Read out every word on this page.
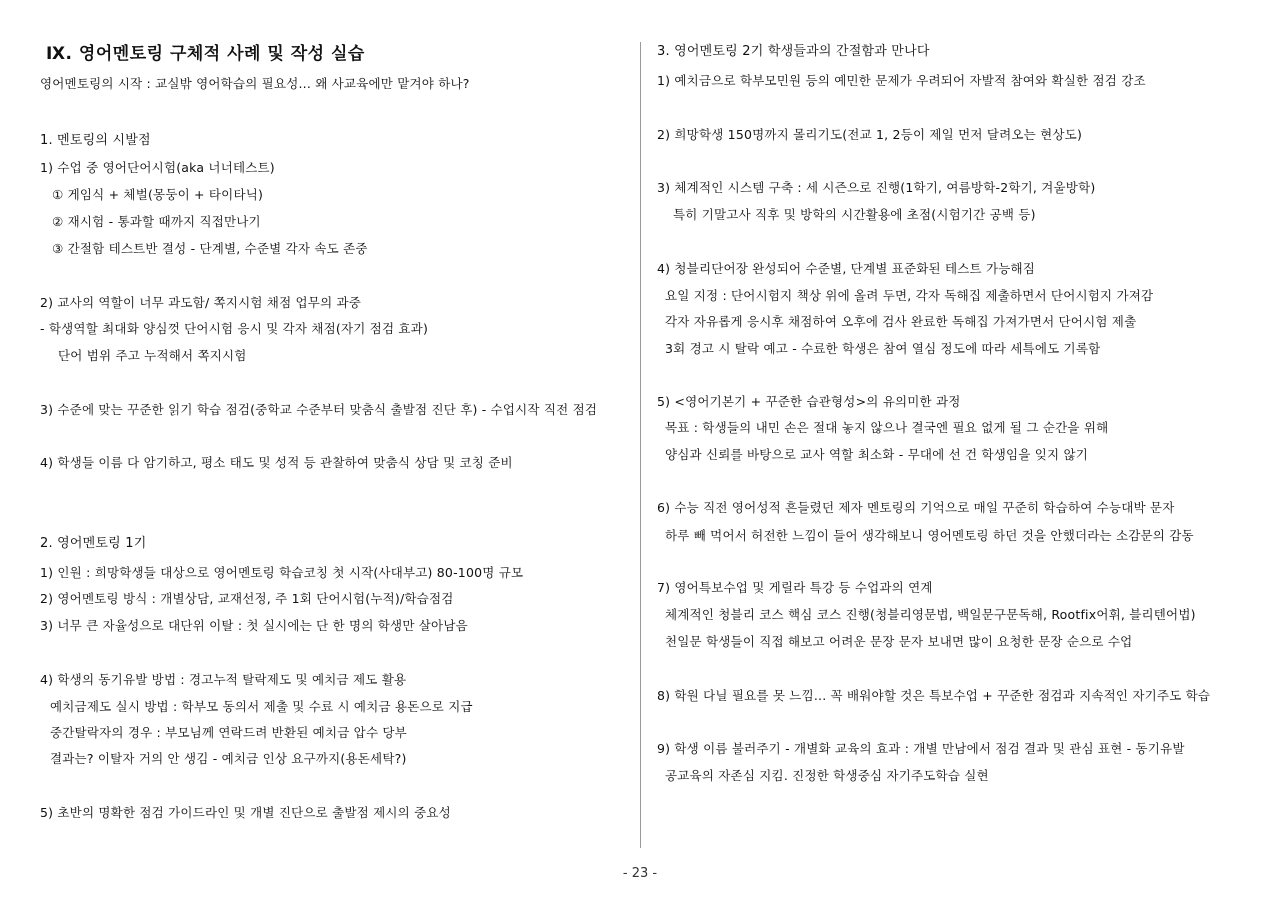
Ⅸ. 영어멘토링 구체적 사례 및 작성 실습
영어멘토링의 시작 : 교실밖 영어학습의 필요성... 왜 사교육에만 맡겨야 하나?
1. 멘토링의 시발점
1) 수업 중 영어단어시험(aka 너너테스트)
① 게임식 + 체벌(몽둥이 + 타이타닉)
② 재시험 - 통과할 때까지 직접만나기
③ 간절함 테스트반 결성 - 단계별, 수준별 각자 속도 존중
2) 교사의 역할이 너무 과도함/ 쪽지시험 채점 업무의 과중
- 학생역할 최대화 양심껏 단어시험 응시 및 각자 채점(자기 점검 효과)
단어 범위 주고 누적해서 쪽지시험
3) 수준에 맞는 꾸준한 읽기 학습 점검(중학교 수준부터 맞춤식 출발점 진단 후) - 수업시작 직전 점검
4) 학생들 이름 다 암기하고, 평소 태도 및 성적 등 관찰하여 맞춤식 상담 및 코칭 준비
2. 영어멘토링 1기
1) 인원 : 희망학생들 대상으로 영어멘토링 학습코칭 첫 시작(사대부고) 80-100명 규모
2) 영어멘토링 방식 : 개별상담, 교재선정, 주 1회 단어시험(누적)/학습점검
3) 너무 큰 자율성으로 대단위 이탈 : 첫 실시에는 단 한 명의 학생만 살아남음
4) 학생의 동기유발 방법 : 경고누적 탈락제도 및 예치금 제도 활용
예치금제도 실시 방법 : 학부모 동의서 제출 및 수료 시 예치금 용돈으로 지급
중간탈락자의 경우 : 부모님께 연락드려 반환된 예치금 압수 당부
결과는? 이탈자 거의 안 생김 - 예치금 인상 요구까지(용돈세탁?)
5) 초반의 명확한 점검 가이드라인 및 개별 진단으로 출발점 제시의 중요성
3. 영어멘토링 2기 학생들과의 간절함과 만나다
1) 예치금으로 학부모민원 등의 예민한 문제가 우려되어 자발적 참여와 확실한 점검 강조
2) 희망학생 150명까지 몰리기도(전교 1, 2등이 제일 먼저 달려오는 현상도)
3) 체계적인 시스템 구축 : 세 시즌으로 진행(1학기, 여름방학-2학기, 겨울방학)
특히 기말고사 직후 및 방학의 시간활용에 초점(시험기간 공백 등)
4) 청블리단어장 완성되어 수준별, 단계별 표준화된 테스트 가능해짐
요일 지정 : 단어시험지 책상 위에 올려 두면, 각자 독해집 제출하면서 단어시험지 가져감
각자 자유롭게 응시후 채점하여 오후에 검사 완료한 독해집 가져가면서 단어시험 제출
3회 경고 시 탈락 예고 - 수료한 학생은 참여 열심 정도에 따라 세특에도 기록함
5) <영어기본기 + 꾸준한 습관형성>의 유의미한 과정
목표 : 학생들의 내민 손은 절대 놓지 않으나 결국엔 필요 없게 될 그 순간을 위해
양심과 신뢰를 바탕으로 교사 역할 최소화 - 무대에 선 건 학생임을 잊지 않기
6) 수능 직전 영어성적 흔들렸던 제자 멘토링의 기억으로 매일 꾸준히 학습하여 수능대박 문자
하루 빼 먹어서 허전한 느낌이 들어 생각해보니 영어멘토링 하던 것을 안했더라는 소감문의 감동
7) 영어특보수업 및 게릴라 특강 등 수업과의 연계
체계적인 청블리 코스 핵심 코스 진행(청블리영문법, 백일문구문독해, Rootfix어휘, 블리텐어법)
천일문 학생들이 직접 해보고 어려운 문장 문자 보내면 많이 요청한 문장 순으로 수업
8) 학원 다닐 필요를 못 느낌... 꼭 배워야할 것은 특보수업 + 꾸준한 점검과 지속적인 자기주도 학습
9) 학생 이름 불러주기 - 개별화 교육의 효과 : 개별 만남에서 점검 결과 및 관심 표현 - 동기유발
공교육의 자존심 지킴. 진정한 학생중심 자기주도학습 실현
- 23 -
